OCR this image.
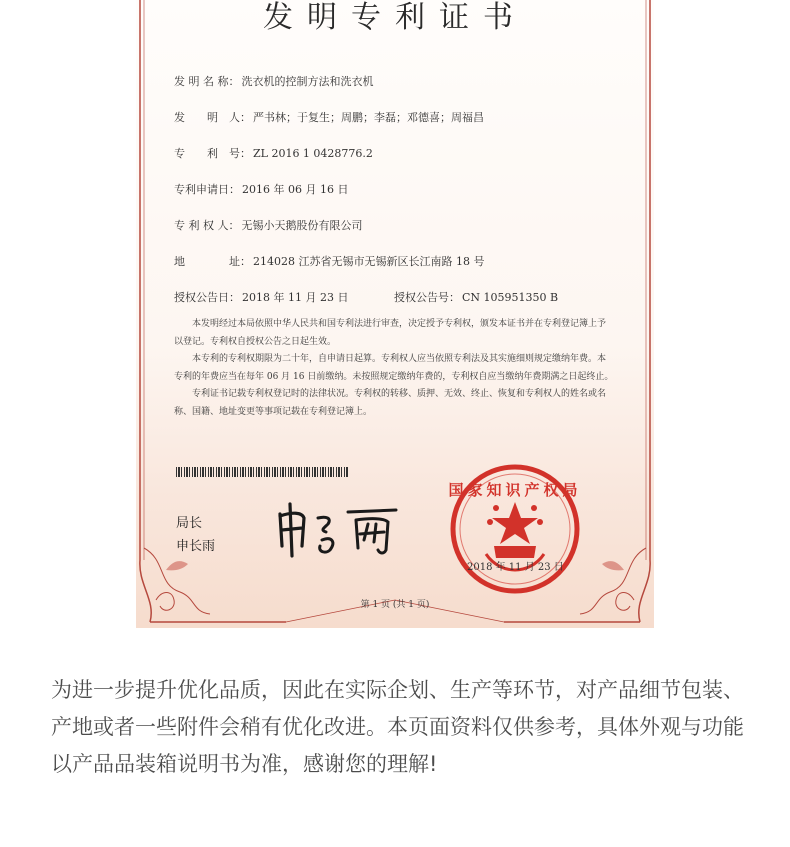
发明专利证书
发 明 名 称： 洗衣机的控制方法和洗衣机
发　　明　人： 严书林；于复生；周鹏；李磊；邓德喜；周福昌
专　　利　号： ZL 2016 1 0428776.2
专利申请日： 2016 年 06 月 16 日
专 利 权 人： 无锡小天鹅股份有限公司
地　　　　址： 214028 江苏省无锡市无锡新区长江南路 18 号
授权公告日： 2018 年 11 月 23 日	授权公告号： CN 105951350 B

　　本发明经过本局依照中华人民共和国专利法进行审查，决定授予专利权，颁发本证书并在专利登记簿上予以登记。专利权自授权公告之日起生效。

　　本专利的专利权期限为二十年，自申请日起算。专利权人应当依照专利法及其实施细则规定缴纳年费。本专利的年费应当在每年 06 月 16 日前缴纳。未按照规定缴纳年费的，专利权自应当缴纳年费期满之日起终止。

　　专利证书记载专利权登记时的法律状况。专利权的转移、质押、无效、终止、恢复和专利权人的姓名或名称、国籍、地址变更等事项记载在专利登记簿上。

局长
申长雨
国家知识产权局
2018 年 11 月 23 日
第 1 页 (共 1 页)
为进一步提升优化品质，因此在实际企划、生产等环节，对产品细节包装、产地或者一些附件会稍有优化改进。本页面资料仅供参考，具体外观与功能以产品品装箱说明书为准，感谢您的理解!
